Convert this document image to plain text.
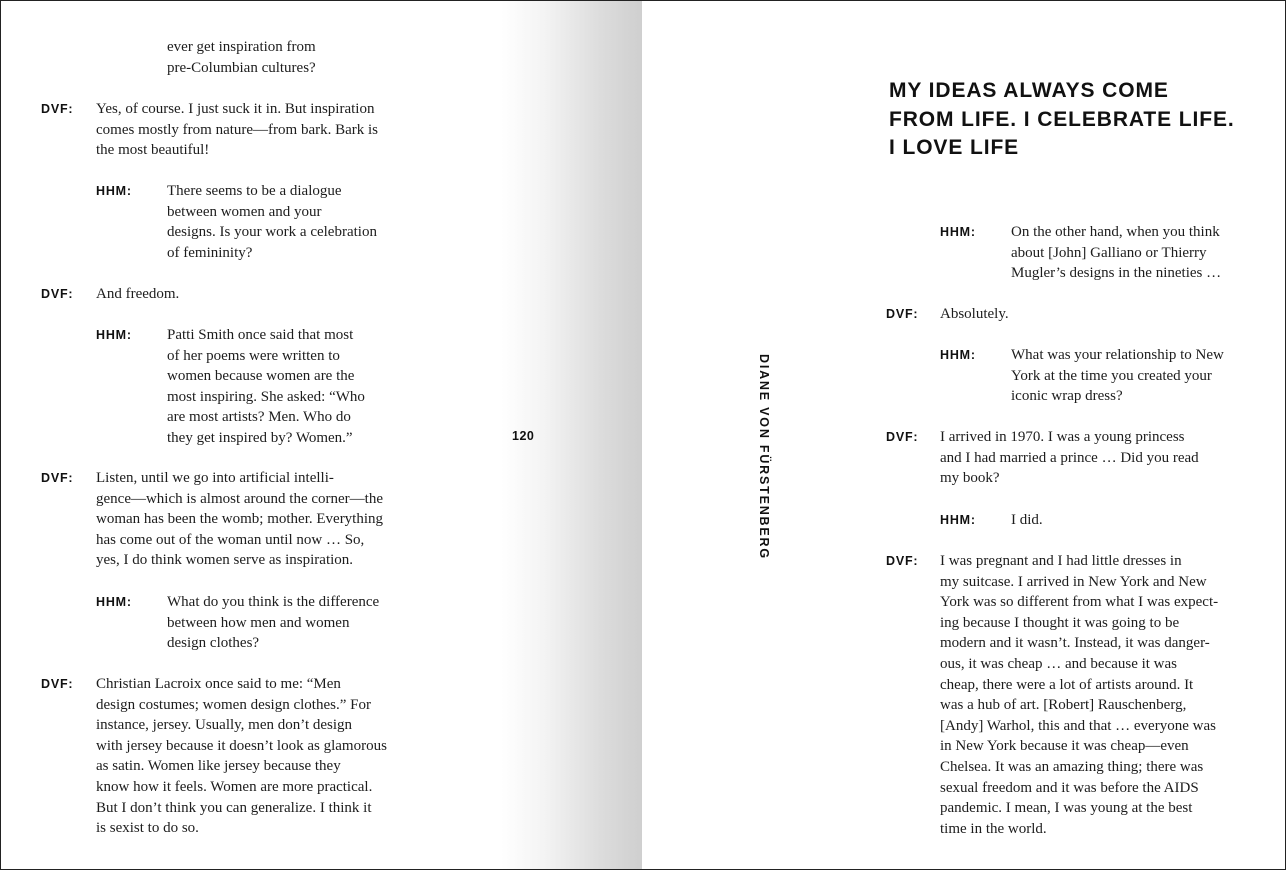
120
ever get inspiration from
pre-Columbian cultures?
DVF: Yes, of course. I just suck it in. But inspiration
comes mostly from nature—from bark. Bark is
the most beautiful!
HHM: There seems to be a dialogue
between women and your
designs. Is your work a celebration
of femininity?
DVF: And freedom.
HHM: Patti Smith once said that most
of her poems were written to
women because women are the
most inspiring. She asked: “Who
are most artists? Men. Who do
they get inspired by? Women.”
DVF: Listen, until we go into artificial intelli-
gence—which is almost around the corner—the
woman has been the womb; mother. Everything
has come out of the woman until now … So,
yes, I do think women serve as inspiration.
HHM: What do you think is the difference
between how men and women
design clothes?
DVF: Christian Lacroix once said to me: “Men
design costumes; women design clothes.” For
instance, jersey. Usually, men don’t design
with jersey because it doesn’t look as glamorous
as satin. Women like jersey because they
know how it feels. Women are more practical.
But I don’t think you can generalize. I think it
is sexist to do so.
DIANE VON FÜRSTENBERG
MY IDEAS ALWAYS COME
FROM LIFE. I CELEBRATE LIFE.
I LOVE LIFE
HHM: On the other hand, when you think
about [John] Galliano or Thierry
Mugler’s designs in the nineties …
DVF: Absolutely.
HHM: What was your relationship to New
York at the time you created your
iconic wrap dress?
DVF: I arrived in 1970. I was a young princess
and I had married a prince … Did you read
my book?
HHM: I did.
DVF: I was pregnant and I had little dresses in
my suitcase. I arrived in New York and New
York was so different from what I was expect-
ing because I thought it was going to be
modern and it wasn’t. Instead, it was danger-
ous, it was cheap … and because it was
cheap, there were a lot of artists around. It
was a hub of art. [Robert] Rauschenberg,
[Andy] Warhol, this and that … everyone was
in New York because it was cheap—even
Chelsea. It was an amazing thing; there was
sexual freedom and it was before the AIDS
pandemic. I mean, I was young at the best
time in the world.
